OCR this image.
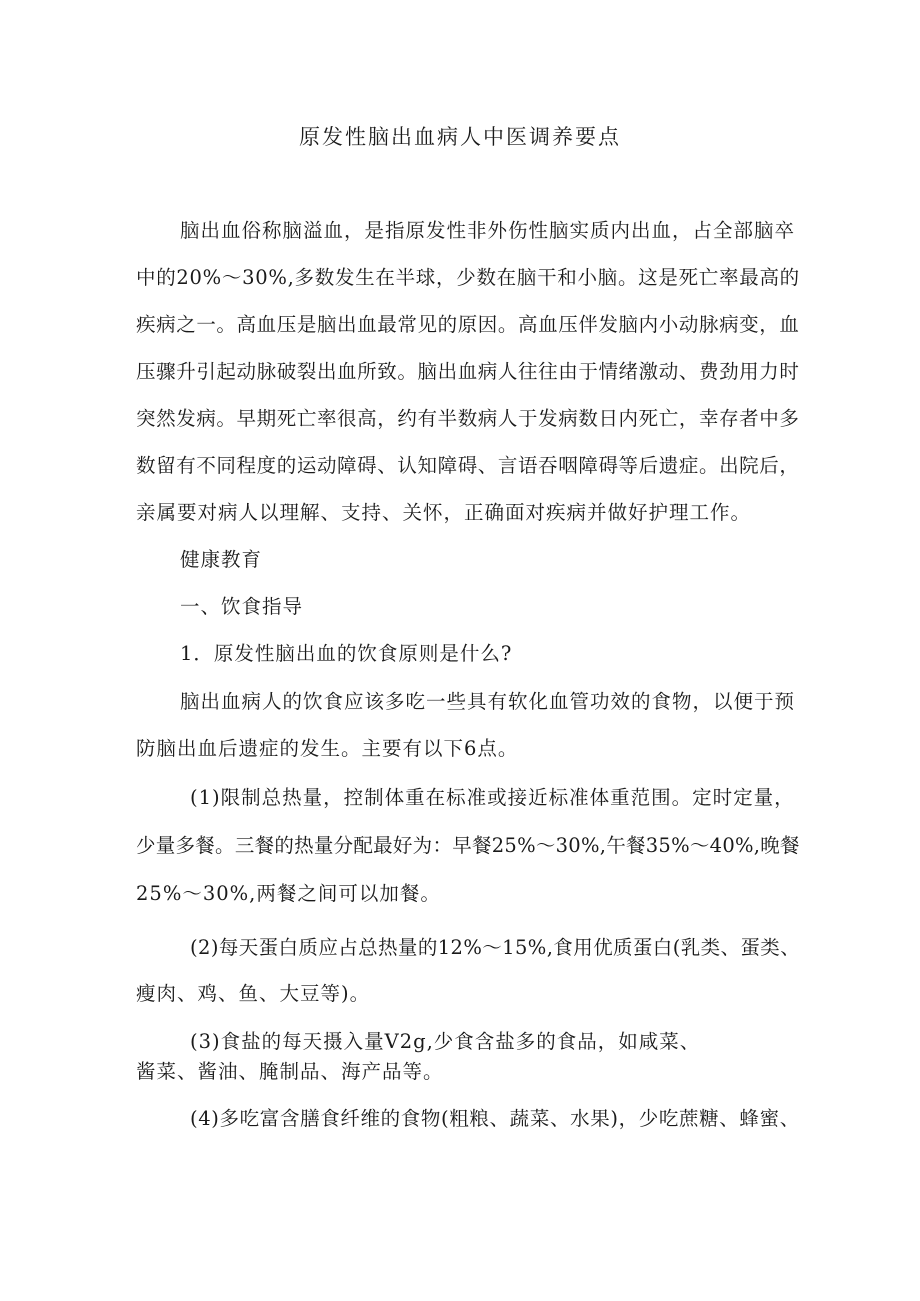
原发性脑出血病人中医调养要点
脑出血俗称脑溢血，是指原发性非外伤性脑实质内出血，占全部脑卒
中的20%～30%,多数发生在半球，少数在脑干和小脑。这是死亡率最高的
疾病之一。高血压是脑出血最常见的原因。高血压伴发脑内小动脉病变，血
压骤升引起动脉破裂出血所致。脑出血病人往往由于情绪激动、费劲用力时
突然发病。早期死亡率很高，约有半数病人于发病数日内死亡，幸存者中多
数留有不同程度的运动障碍、认知障碍、言语吞咽障碍等后遗症。出院后，
亲属要对病人以理解、支持、关怀，正确面对疾病并做好护理工作。
健康教育
一、饮食指导
1．原发性脑出血的饮食原则是什么?
脑出血病人的饮食应该多吃一些具有软化血管功效的食物，以便于预
防脑出血后遗症的发生。主要有以下6点。
(1)限制总热量，控制体重在标准或接近标准体重范围。定时定量，
少量多餐。三餐的热量分配最好为：早餐25%～30%,午餐35%～40%,晚餐
25%～30%,两餐之间可以加餐。
(2)每天蛋白质应占总热量的12%～15%,食用优质蛋白(乳类、蛋类、
瘦肉、鸡、鱼、大豆等)。
(3)食盐的每天摄入量V2g,少食含盐多的食品，如咸菜、
酱菜、酱油、腌制品、海产品等。
(4)多吃富含膳食纤维的食物(粗粮、蔬菜、水果)，少吃蔗糖、蜂蜜、
